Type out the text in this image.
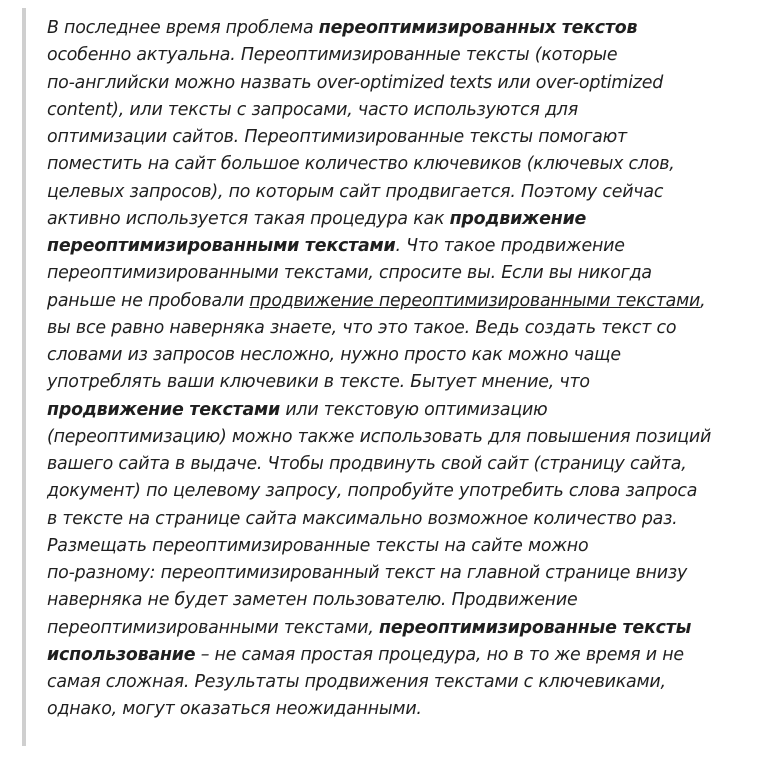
В последнее время проблема переоптимизированных текстов
особенно актуальна. Переоптимизированные тексты (которые
по-английски можно назвать over-optimized texts или over-optimized
content), или тексты с запросами, часто используются для
оптимизации сайтов. Переоптимизированные тексты помогают
поместить на сайт большое количество ключевиков (ключевых слов,
целевых запросов), по которым сайт продвигается. Поэтому сейчас
активно используется такая процедура как продвижение
переоптимизированными текстами. Что такое продвижение
переоптимизированными текстами, спросите вы. Если вы никогда
раньше не пробовали продвижение переоптимизированными текстами,
вы все равно наверняка знаете, что это такое. Ведь создать текст со
словами из запросов несложно, нужно просто как можно чаще
употреблять ваши ключевики в тексте. Бытует мнение, что
продвижение текстами или текстовую оптимизацию
(переоптимизацию) можно также использовать для повышения позиций
вашего сайта в выдаче. Чтобы продвинуть свой сайт (страницу сайта,
документ) по целевому запросу, попробуйте употребить слова запроса
в тексте на странице сайта максимально возможное количество раз.
Размещать переоптимизированные тексты на сайте можно
по-разному: переоптимизированный текст на главной странице внизу
наверняка не будет заметен пользователю. Продвижение
переоптимизированными текстами, переоптимизированные тексты
использование – не самая простая процедура, но в то же время и не
самая сложная. Результаты продвижения текстами с ключевиками,
однако, могут оказаться неожиданными.
